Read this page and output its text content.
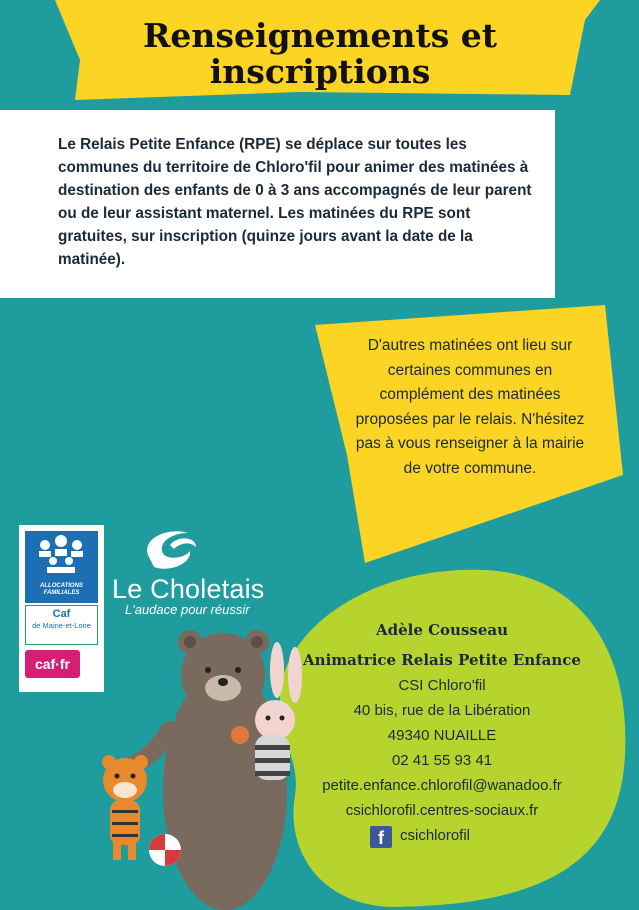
Renseignements et inscriptions

Le Relais Petite Enfance (RPE) se déplace sur toutes les communes du territoire de Chloro'fil pour animer des matinées à destination des enfants de 0 à 3 ans accompagnés de leur parent ou de leur assistant maternel. Les matinées du RPE sont gratuites, sur inscription (quinze jours avant la date de la matinée).

D'autres matinées ont lieu sur certaines communes en complément des matinées proposées par le relais. N'hésitez pas à vous renseigner à la mairie de votre commune.

Adèle Cousseau

Animatrice Relais Petite Enfance

CSI Chloro'fil

40 bis, rue de la Libération

49340 NUAILLE

02 41 55 93 41

petite.enfance.chlorofil@wanadoo.fr

csichlorofil.centres-sociaux.fr

f	csichlorofil

ALLOCATIONS FAMILIALES
Caf
de Maine-et-Loire
caf·fr

Le Choletais

L'audace pour réussir
